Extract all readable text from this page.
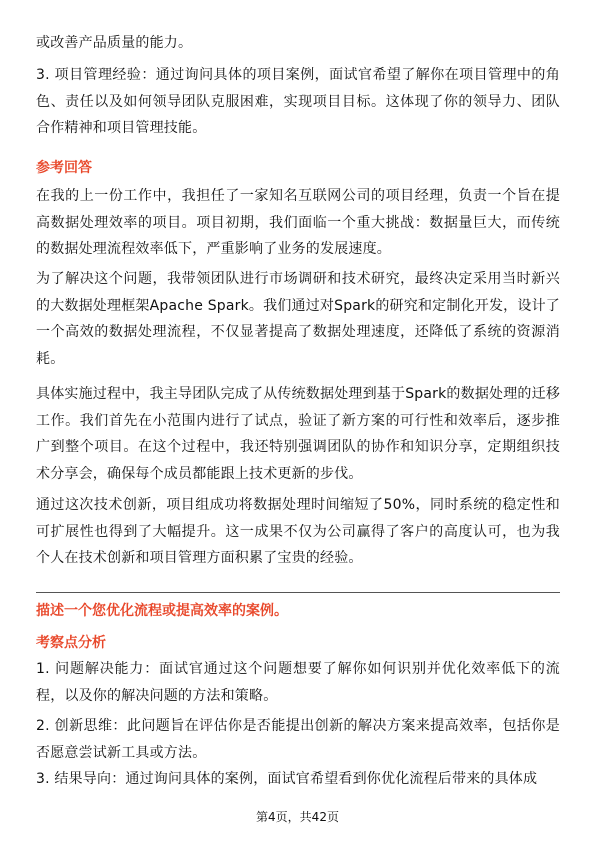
或改善产品质量的能力。

3. 项目管理经验：通过询问具体的项目案例，面试官希望了解你在项目管理中的角色、责任以及如何领导团队克服困难，实现项目目标。这体现了你的领导力、团队合作精神和项目管理技能。

参考回答

在我的上一份工作中，我担任了一家知名互联网公司的项目经理，负责一个旨在提高数据处理效率的项目。项目初期，我们面临一个重大挑战：数据量巨大，而传统的数据处理流程效率低下，严重影响了业务的发展速度。

为了解决这个问题，我带领团队进行市场调研和技术研究，最终决定采用当时新兴的大数据处理框架Apache Spark。我们通过对Spark的研究和定制化开发，设计了一个高效的数据处理流程，不仅显著提高了数据处理速度，还降低了系统的资源消耗。

具体实施过程中，我主导团队完成了从传统数据处理到基于Spark的数据处理的迁移工作。我们首先在小范围内进行了试点，验证了新方案的可行性和效率后，逐步推广到整个项目。在这个过程中，我还特别强调团队的协作和知识分享，定期组织技术分享会，确保每个成员都能跟上技术更新的步伐。

通过这次技术创新，项目组成功将数据处理时间缩短了50%，同时系统的稳定性和可扩展性也得到了大幅提升。这一成果不仅为公司赢得了客户的高度认可，也为我个人在技术创新和项目管理方面积累了宝贵的经验。

描述一个您优化流程或提高效率的案例。
考察点分析

1. 问题解决能力：面试官通过这个问题想要了解你如何识别并优化效率低下的流程，以及你的解决问题的方法和策略。

2. 创新思维：此问题旨在评估你是否能提出创新的解决方案来提高效率，包括你是否愿意尝试新工具或方法。

3. 结果导向：通过询问具体的案例，面试官希望看到你优化流程后带来的具体成

第4页，共42页
